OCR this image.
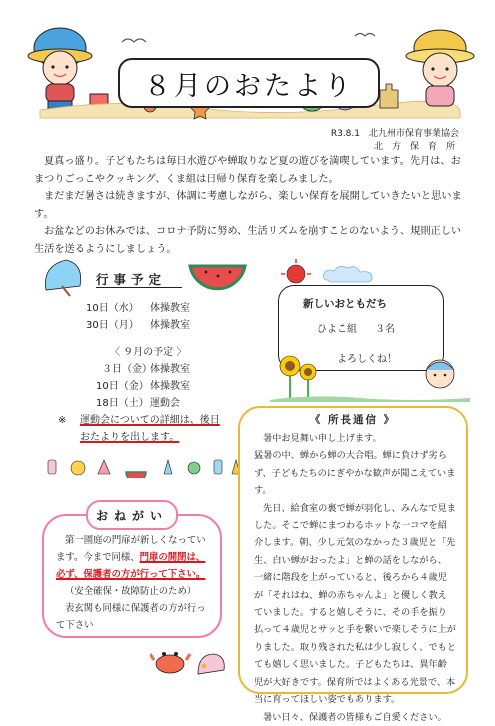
８月のおたより
R3.8.1　北九州市保育事業協会
北　方　保　育　所

夏真っ盛り。子どもたちは毎日水遊びや蝉取りなど夏の遊びを満喫しています。先月は、おまつりごっこやクッキング、くま組は日帰り保育を楽しみました。

まだまだ暑さは続きますが、体調に考慮しながら、楽しい保育を展開していきたいと思います。

お盆などのお休みでは、コロナ予防に努め、生活リズムを崩すことのないよう、規則正しい生活を送るようにしましょう。

行事予定
10日（水） 体操教室
30日（月） 体操教室
〈 ９月の予定 〉
３日（金）体操教室
10日（金）体操教室
18日（土）運動会
※ 運動会についての詳細は、後日
おたよりを出します。
新しいおともだち
ひよこ組 ３名
よろしくね！
《 所長通信 》

暑中お見舞い申し上げます。

猛暑の中、蝉から蝉の大合唱。蝉に負けず劣らず、子どもたちのにぎやかな歓声が聞こえています。

先日、給食室の裏で蝉が羽化し、みんなで見ました。そこで蝉にまつわるホットな一コマを紹介します。朝、少し元気のなかった３歳児と「先生、白い蝉がおったよ」と蝉の話をしながら、一緒に階段を上がっていると、後ろから４歳児が「それはね、蝉の赤ちゃんよ」と優しく教えていました。すると嬉しそうに、その手を振り払って４歳児とサッと手を繋いで楽しそうに上がりました。取り残された私は少し寂しく、でもとても嬉しく思いました。子どもたちは、異年齢児が大好きです。保育所ではよくある光景で、本当に育ってほしい姿でもあります。

暑い日々、保護者の皆様もご自愛ください。

第一園庭の門扉が新しくなっています。今まで同様、門扉の開閉は、必ず、保護者の方が行って下さい。

（安全確保・故障防止のため）

表玄関も同様に保護者の方が行って下さい

おねがい
